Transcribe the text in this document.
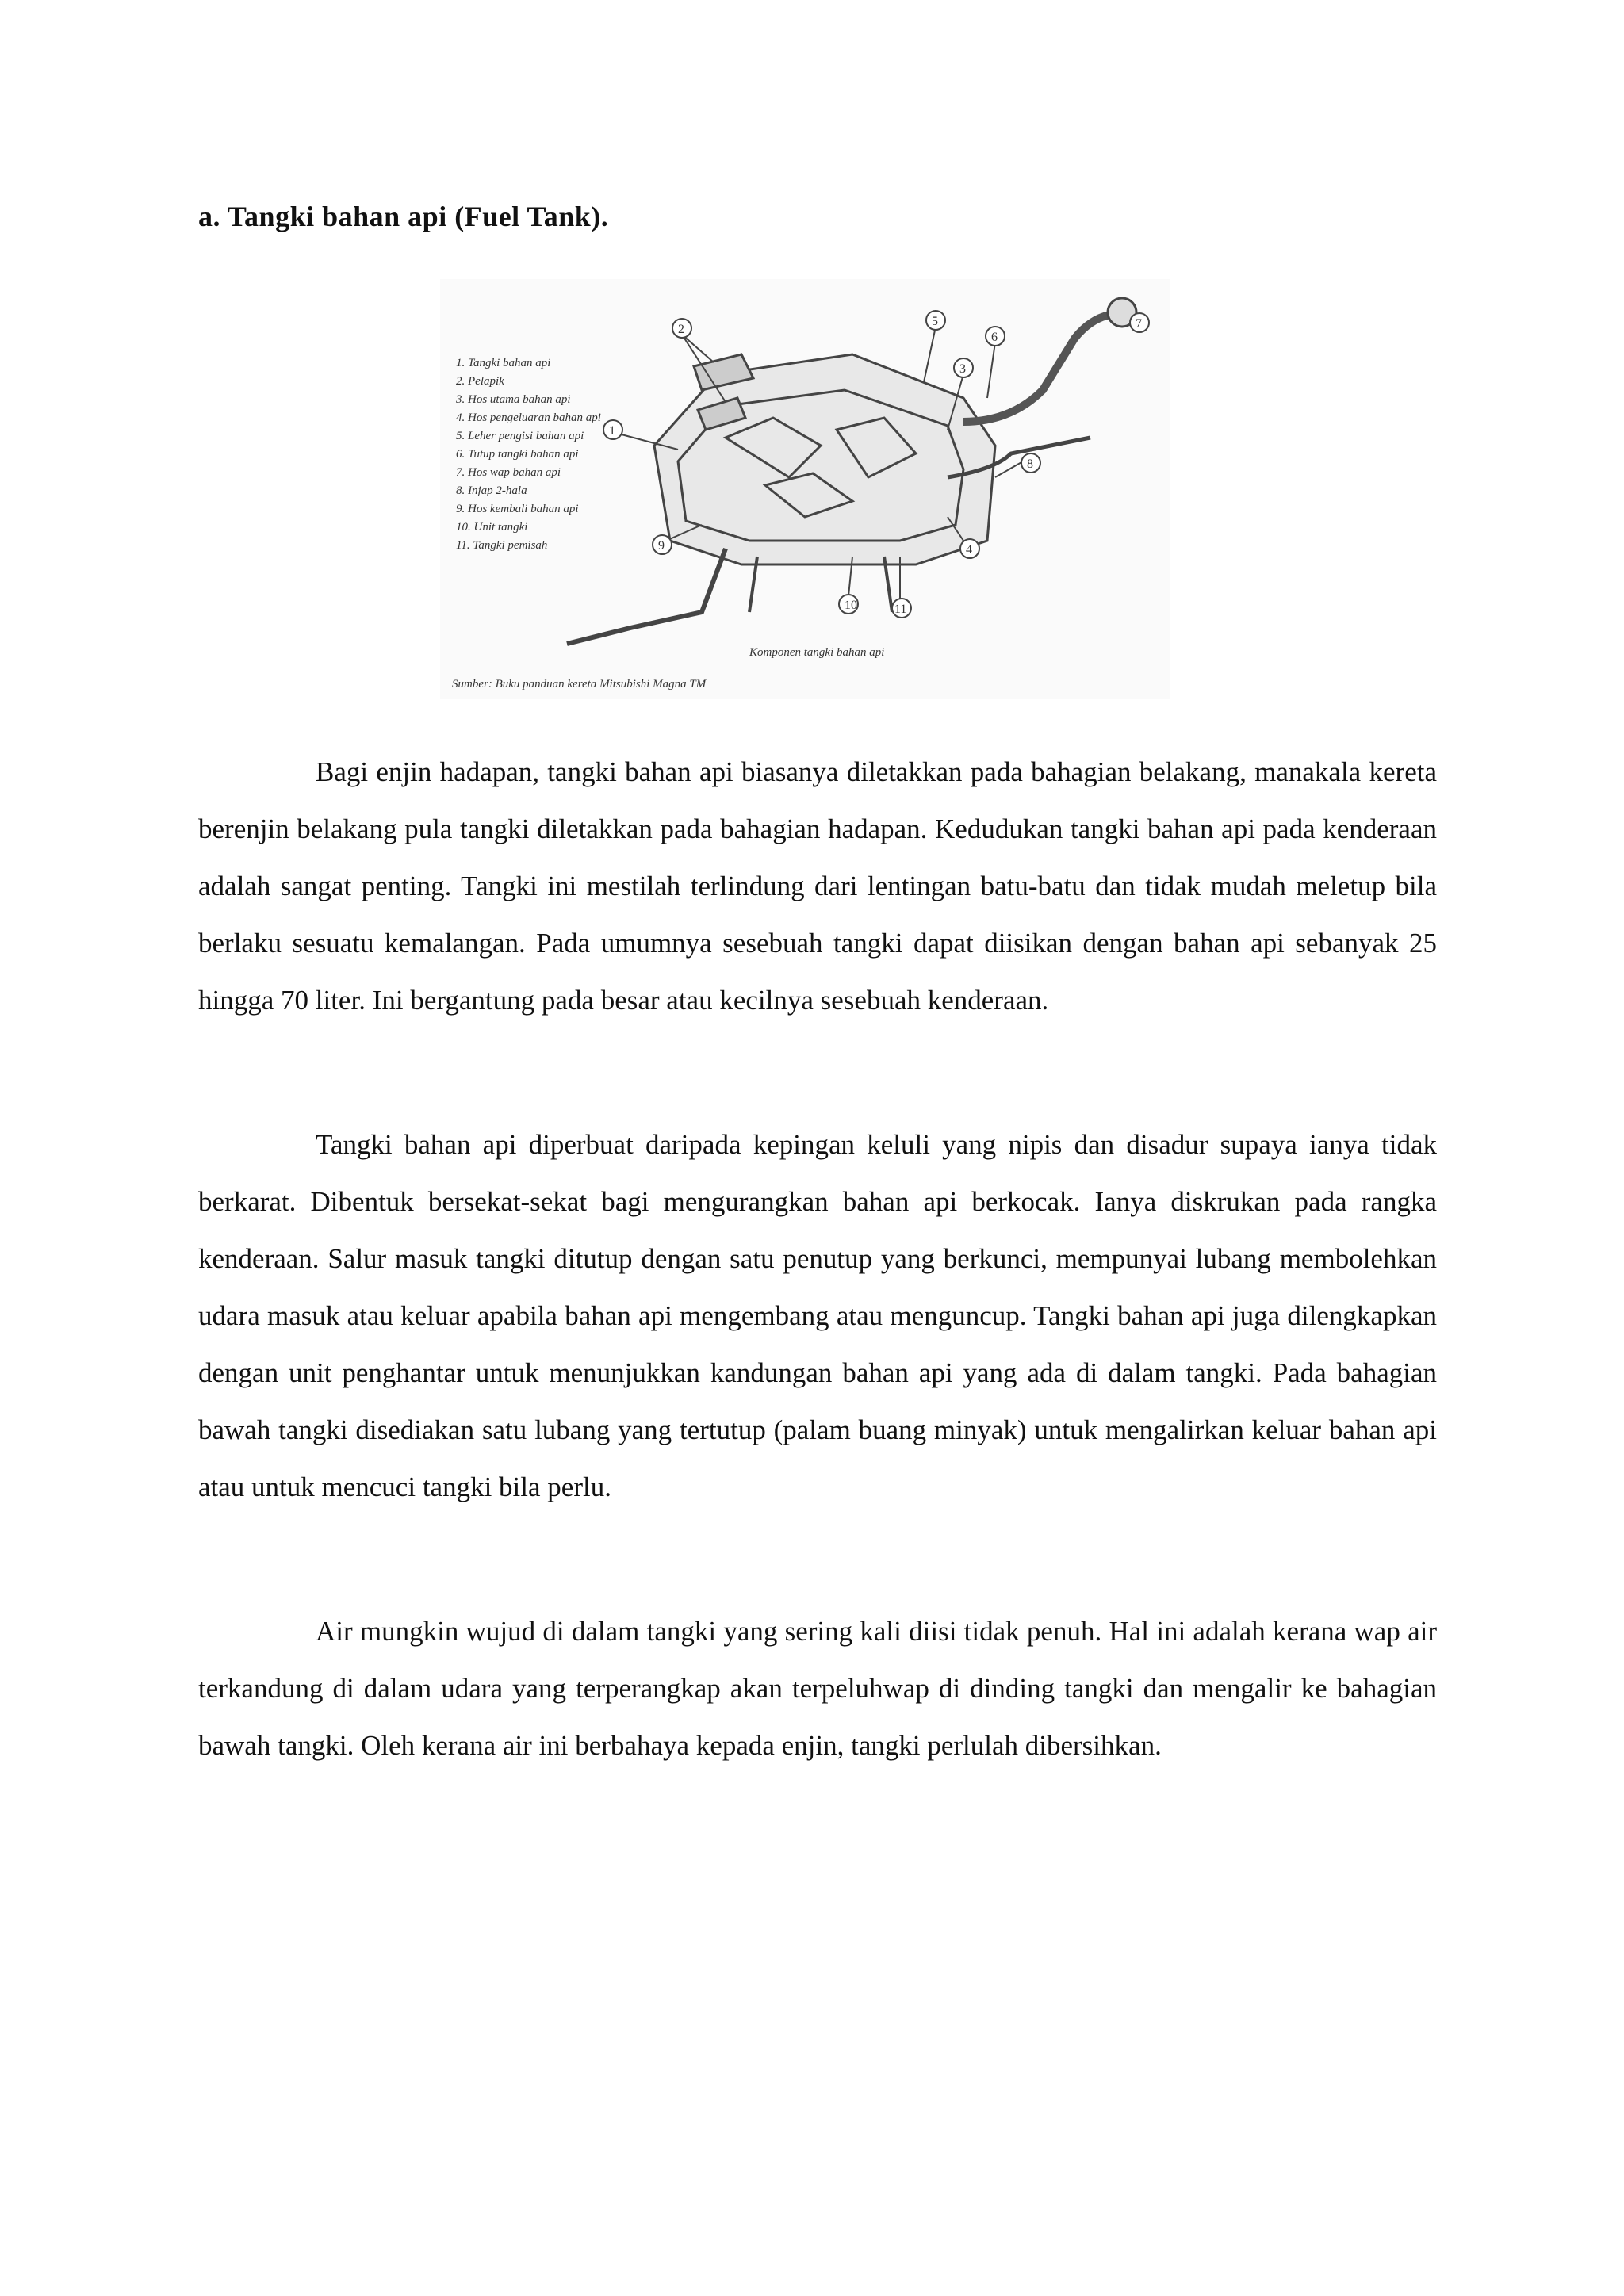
a. Tangki bahan api (Fuel Tank).
1. Tangki bahan api
2. Pelapik
3. Hos utama bahan api
4. Hos pengeluaran bahan api
5. Leher pengisi bahan api
6. Tutup tangki bahan api
7. Hos wap bahan api
8. Injap 2-hala
9. Hos kembali bahan api
10. Unit tangki
11. Tangki pemisah
2
5
6
7
1
3
8
9
10	11
4
Komponen tangki bahan api
Sumber: Buku panduan kereta Mitsubishi Magna TM

Bagi enjin hadapan, tangki bahan api biasanya diletakkan pada bahagian belakang, manakala kereta berenjin belakang pula tangki diletakkan pada bahagian hadapan. Kedudukan tangki bahan api pada kenderaan adalah sangat penting. Tangki ini mestilah terlindung dari lentingan batu-batu dan tidak mudah meletup bila berlaku sesuatu kemalangan. Pada umumnya sesebuah tangki dapat diisikan dengan bahan api sebanyak 25 hingga 70 liter. Ini bergantung pada besar atau kecilnya sesebuah kenderaan.

Tangki bahan api diperbuat daripada kepingan keluli yang nipis dan disadur supaya ianya tidak berkarat. Dibentuk bersekat-sekat bagi mengurangkan bahan api berkocak. Ianya diskrukan pada rangka kenderaan. Salur masuk tangki ditutup dengan satu penutup yang berkunci, mempunyai lubang membolehkan udara masuk atau keluar apabila bahan api mengembang atau menguncup. Tangki bahan api juga dilengkapkan dengan unit penghantar untuk menunjukkan kandungan bahan api yang ada di dalam tangki. Pada bahagian bawah tangki disediakan satu lubang yang tertutup (palam buang minyak) untuk mengalirkan keluar bahan api atau untuk mencuci tangki bila perlu.

Air mungkin wujud di dalam tangki yang sering kali diisi tidak penuh. Hal ini adalah kerana wap air terkandung di dalam udara yang terperangkap akan terpeluhwap di dinding tangki dan mengalir ke bahagian bawah tangki. Oleh kerana air ini berbahaya kepada enjin, tangki perlulah dibersihkan.
